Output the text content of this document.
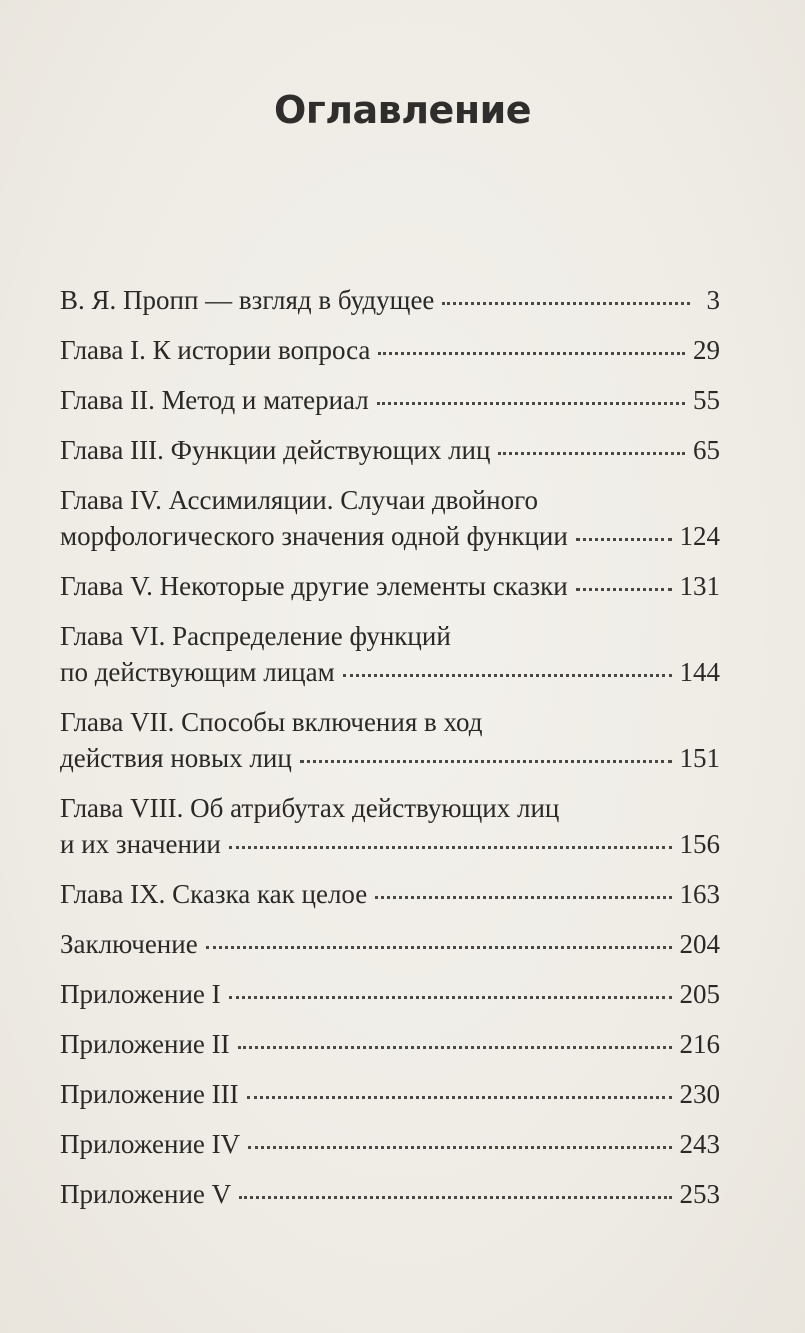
Оглавление
В. Я. Пропп — взгляд в будущее	3
Глава I. К истории вопроса	29
Глава II. Метод и материал	55
Глава III. Функции действующих лиц	65
Глава IV. Ассимиляции. Случаи двойного
морфологического значения одной функции	124
Глава V. Некоторые другие элементы сказки	131
Глава VI. Распределение функций
по действующим лицам	144
Глава VII. Способы включения в ход
действия новых лиц	151
Глава VIII. Об атрибутах действующих лиц
и их значении	156
Глава IX. Сказка как целое	163
Заключение	204
Приложение I	205
Приложение II	216
Приложение III	230
Приложение IV	243
Приложение V	253
